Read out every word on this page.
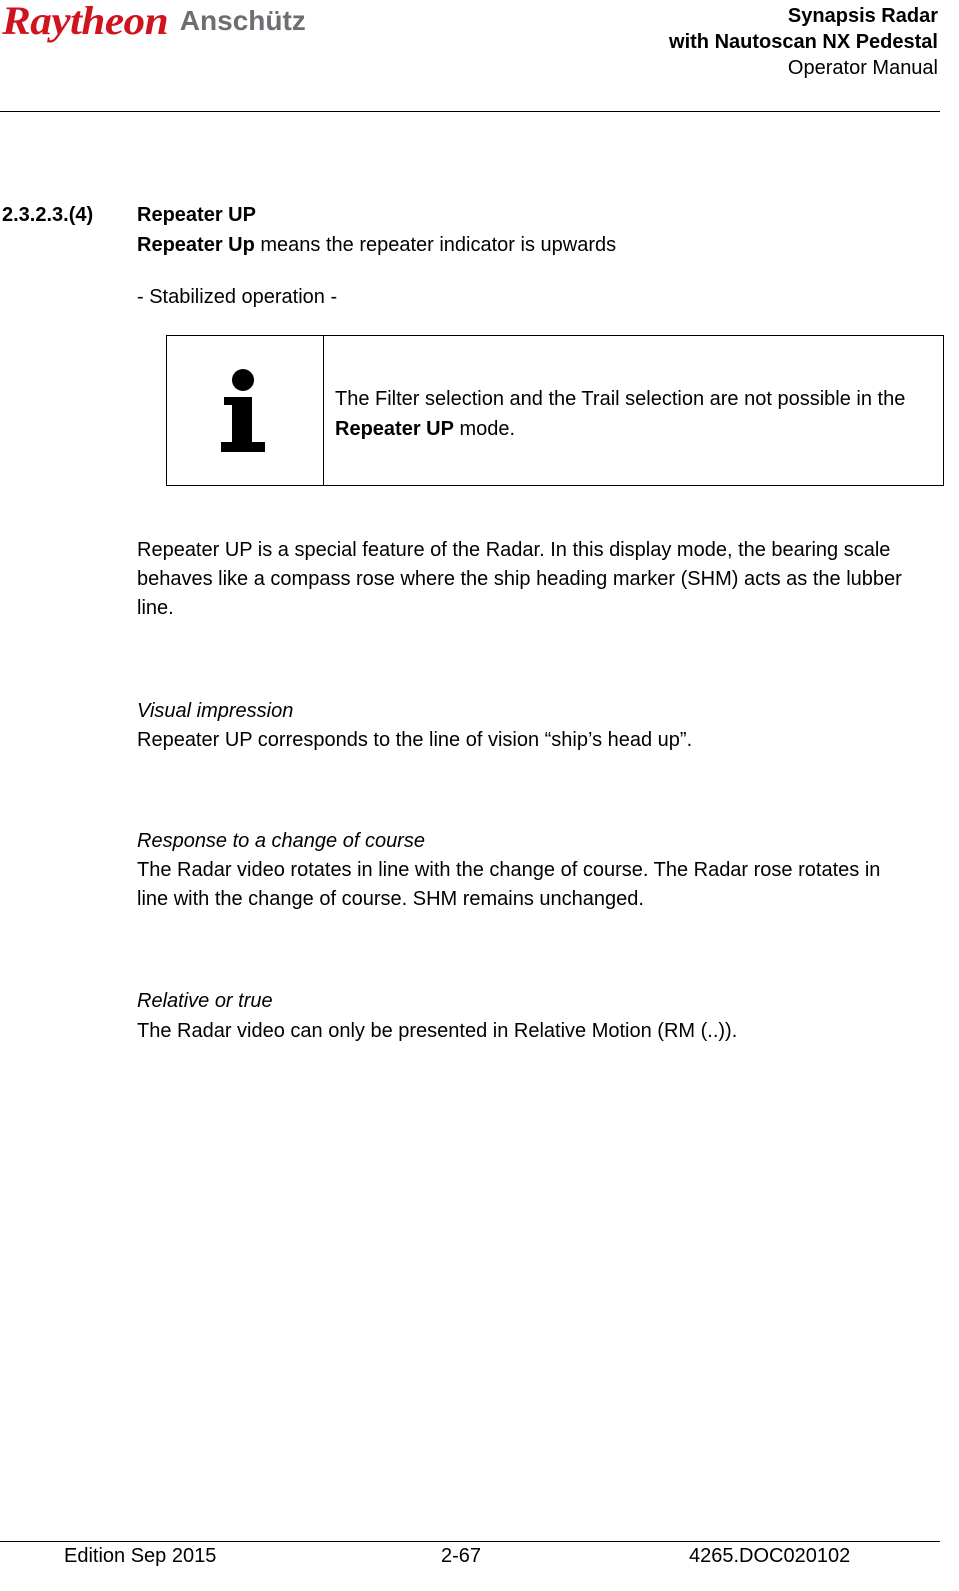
Raytheon Anschütz	Synapsis Radar
with Nautoscan NX Pedestal
Operator Manual
2.3.2.3.(4) Repeater UP
Repeater Up means the repeater indicator is upwards
- Stabilized operation -
The Filter selection and the Trail selection are not possible in the Repeater UP mode.
Repeater UP is a special feature of the Radar. In this display mode, the bearing scale behaves like a compass rose where the ship heading marker (SHM) acts as the lubber line.
Visual impression
Repeater UP corresponds to the line of vision “ship’s head up”.
Response to a change of course
The Radar video rotates in line with the change of course. The Radar rose rotates in line with the change of course. SHM remains unchanged.
Relative or true
The Radar video can only be presented in Relative Motion (RM (..)).
Edition Sep 2015	2-67	4265.DOC020102
